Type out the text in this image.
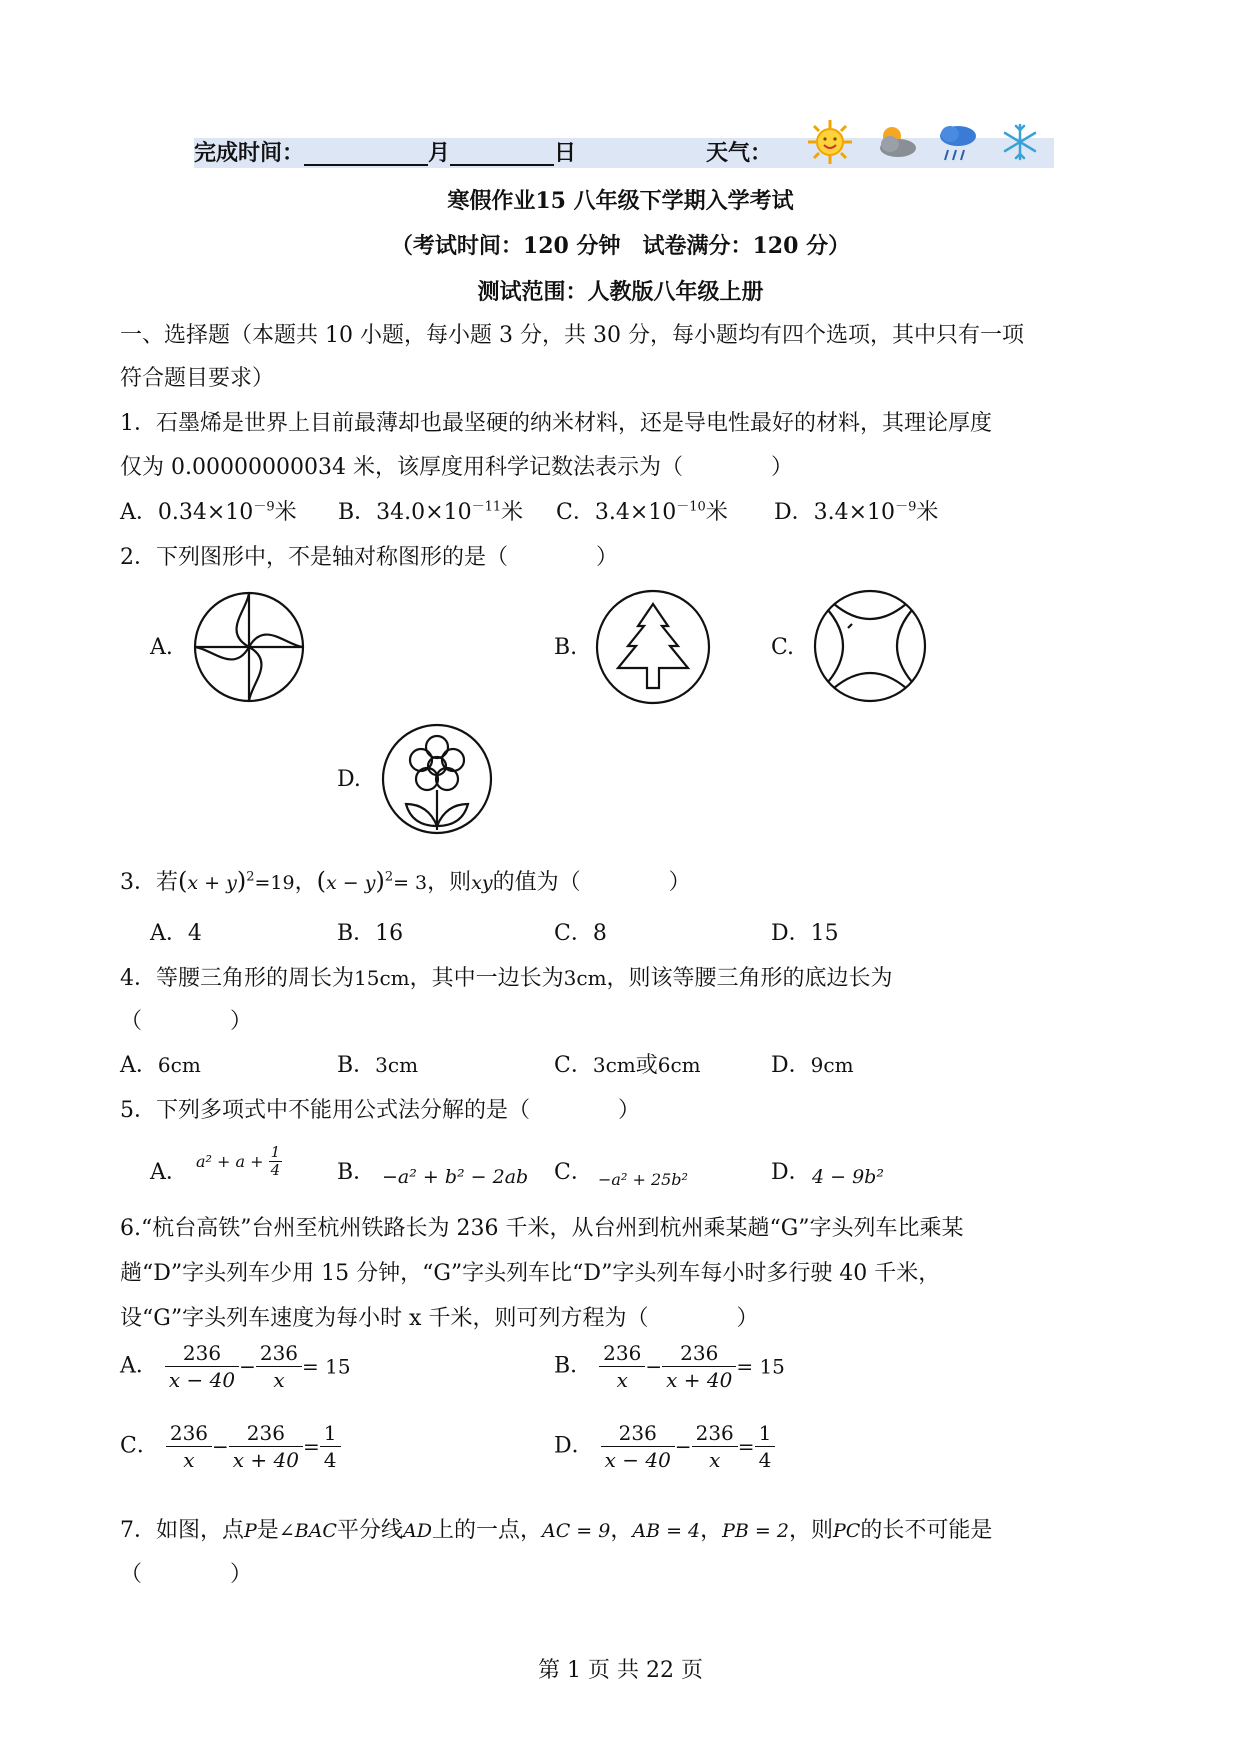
完成时间：	月	日	天气：
寒假作业15 八年级下学期入学考试
（考试时间：120 分钟　试卷满分：120 分）
测试范围：人教版八年级上册
一、选择题（本题共 10 小题，每小题 3 分，共 30 分，每小题均有四个选项，其中只有一项
符合题目要求）
1．石墨烯是世界上目前最薄却也最坚硬的纳米材料，还是导电性最好的材料，其理论厚度
仅为 0.00000000034 米，该厚度用科学记数法表示为（　　　　）
A．$0.34\times 10^{-9}$米 B．$34.0\times 10^{-11}$米 C．$3.4\times 10^{-10}$米 D．$3.4\times 10^{-9}$米
2．下列图形中，不是轴对称图形的是（　　　　）
A.	B.	C.
D.
3．若$(x + y)^2=19$，$(x - y)^2= 3$，则xy的值为（　　　　）
A．4	B．16	C．8	D．15
4．等腰三角形的周长为15cm，其中一边长为3cm，则该等腰三角形的底边长为
（　　　　）
A．6cm	B．3cm	C．3cm或6cm	D．9cm
5．下列多项式中不能用公式法分解的是（　　　　）
A． $a^2 + a + \frac{1}{4}$ B． −a² + b² − 2ab C． −a² + 25b²	D． 4 − 9b²
6.“杭台高铁”台州至杭州铁路长为 236 千米，从台州到杭州乘某趟“G”字头列车比乘某
趟“D”字头列车少用 15 分钟，“G”字头列车比“D”字头列车每小时多行驶 40 千米，
设“G”字头列车速度为每小时 x 千米，则可列方程为（　　　　）
A． $\frac{236}{x - 40} - \frac{236}{x} = 15$	B． $\frac{236}{x} - \frac{236}{x + 40} = 15$
C． $\frac{236}{x} - \frac{236}{x + 40} = \frac{1}{4}$	D． $\frac{236}{x - 40} - \frac{236}{x} = \frac{1}{4}$
7．如图，点P是∠BAC平分线AD上的一点，AC = 9，AB = 4，PB = 2，则PC的长不可能是
（　　　　）
第 1 页 共 22 页
